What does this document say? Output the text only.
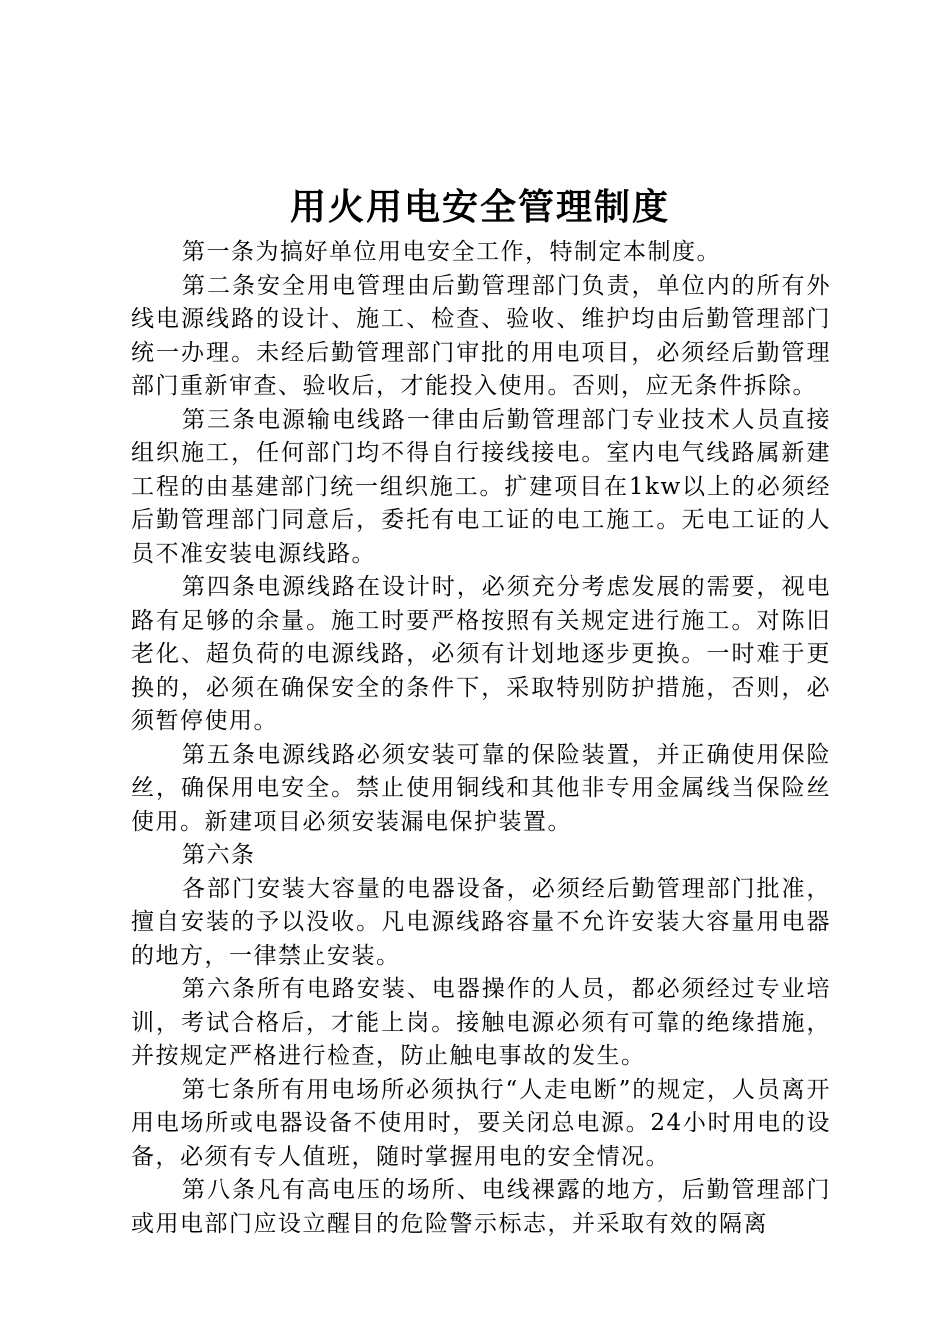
用火用电安全管理制度

第一条为搞好单位用电安全工作，特制定本制度。

第二条安全用电管理由后勤管理部门负责，单位内的所有外线电源线路的设计、施工、检查、验收、维护均由后勤管理部门统一办理。未经后勤管理部门审批的用电项目，必须经后勤管理部门重新审查、验收后，才能投入使用。否则，应无条件拆除。

第三条电源输电线路一律由后勤管理部门专业技术人员直接组织施工，任何部门均不得自行接线接电。室内电气线路属新建工程的由基建部门统一组织施工。扩建项目在1kw以上的必须经后勤管理部门同意后，委托有电工证的电工施工。无电工证的人员不准安装电源线路。

第四条电源线路在设计时，必须充分考虑发展的需要，视电路有足够的余量。施工时要严格按照有关规定进行施工。对陈旧老化、超负荷的电源线路，必须有计划地逐步更换。一时难于更换的，必须在确保安全的条件下，采取特别防护措施，否则，必须暂停使用。

第五条电源线路必须安装可靠的保险装置，并正确使用保险丝，确保用电安全。禁止使用铜线和其他非专用金属线当保险丝使用。新建项目必须安装漏电保护装置。

第六条

各部门安装大容量的电器设备，必须经后勤管理部门批准，擅自安装的予以没收。凡电源线路容量不允许安装大容量用电器的地方，一律禁止安装。

第六条所有电路安装、电器操作的人员，都必须经过专业培训，考试合格后，才能上岗。接触电源必须有可靠的绝缘措施，并按规定严格进行检查，防止触电事故的发生。

第七条所有用电场所必须执行“人走电断”的规定，人员离开用电场所或电器设备不使用时，要关闭总电源。24小时用电的设备，必须有专人值班，随时掌握用电的安全情况。

第八条凡有高电压的场所、电线裸露的地方，后勤管理部门或用电部门应设立醒目的危险警示标志，并采取有效的隔离
